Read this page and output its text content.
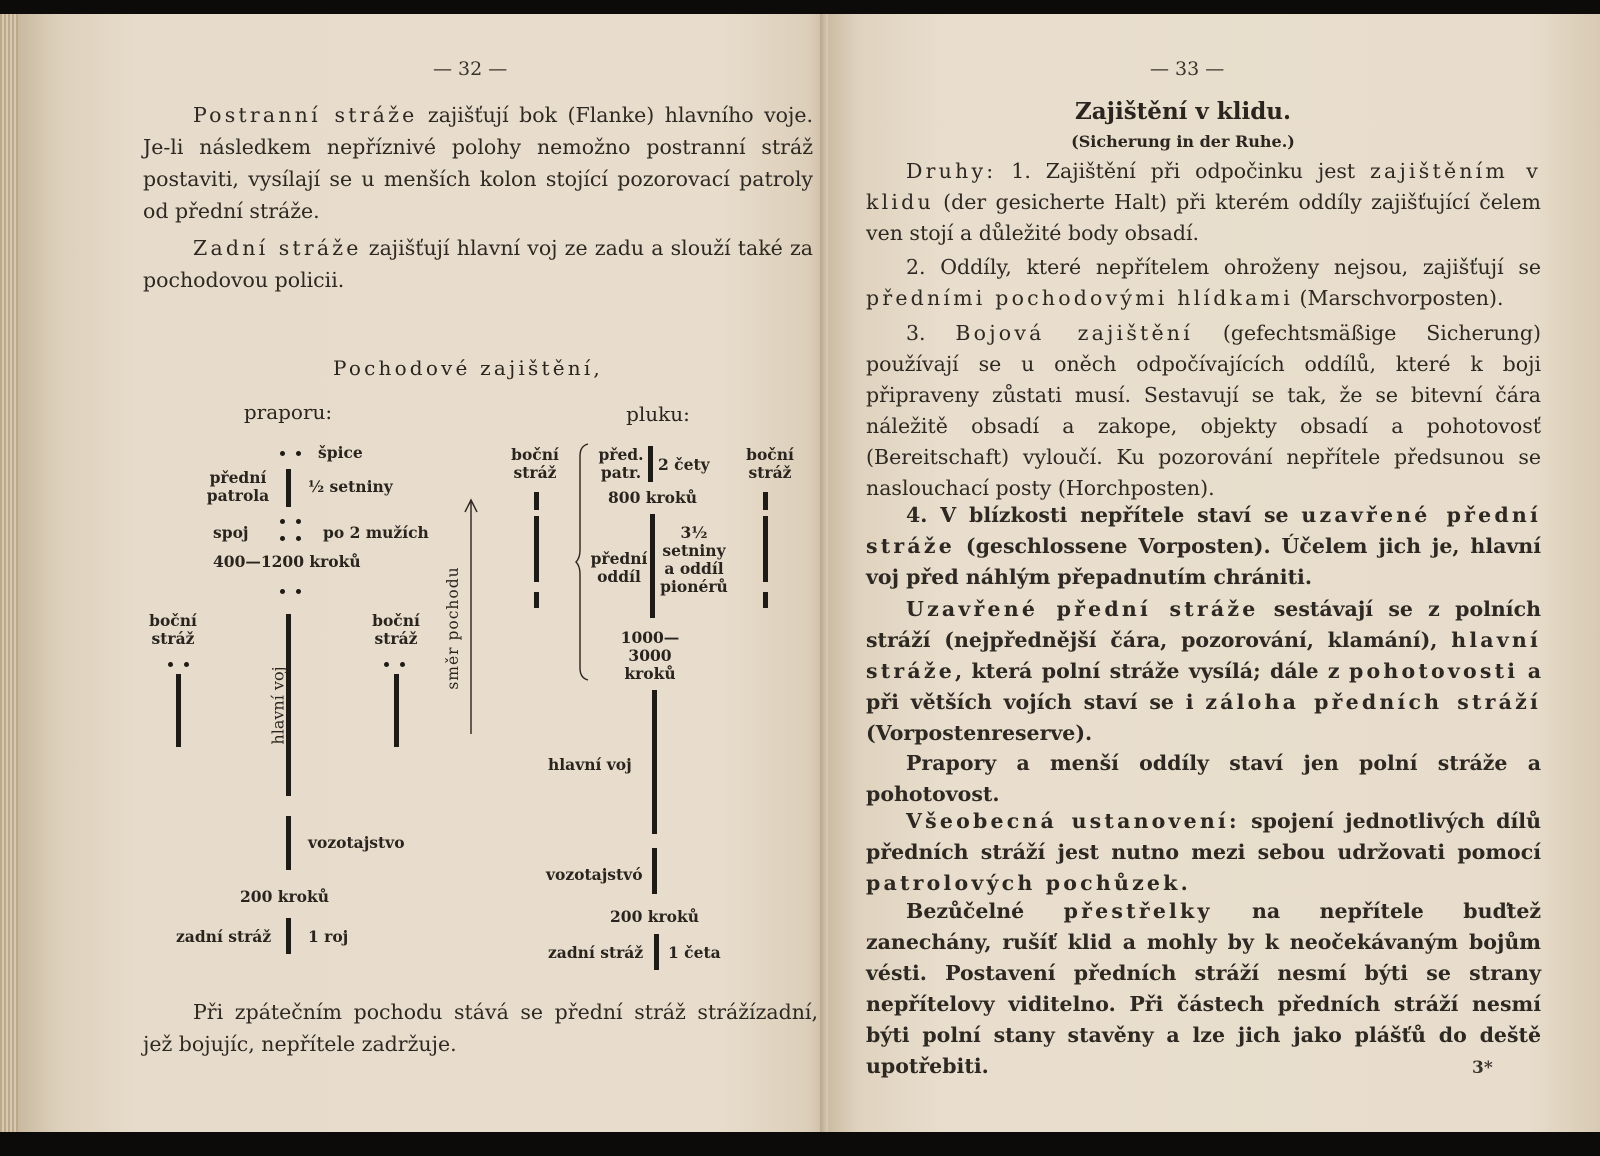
— 32 —
Postranní stráže zajišťují bok (Flanke) hlavního voje. Je-li následkem nepříznivé polohy nemožno postranní stráž postaviti, vysílají se u menších kolon stojící pozorovací patroly od přední stráže.
Zadní stráže zajišťují hlavní voj ze zadu a slouží také za pochodovou policii.
Pochodové zajištění,
praporu:	pluku:
špice
přední patrola	½ setniny
spoj	po 2 mužích
400—1200 kroků
boční stráž
hlavní voj
boční stráž
vozotajstvo
200 kroků
zadní stráž 1 roj
směr pochodu
boční stráž
před. patr.	2 čety
800 kroků
přední oddíl
3½ setniny a oddíl pionérů
1000—3000 kroků
boční stráž
hlavní voj
vozotajstvó
200 kroků
zadní stráž 1 četa
Při zpátečním pochodu stává se přední stráž strážízadní, jež bojujíc, nepřítele zadržuje.
— 33 —
Zajištění v klidu.
(Sicherung in der Ruhe.)
Druhy: 1. Zajištění při odpočinku jest zajištěním v klidu (der gesicherte Halt) při kterém oddíly zajišťující čelem ven stojí a důležité body obsadí.
2. Oddíly, které nepřítelem ohroženy nejsou, zajišťují se předními pochodovými hlídkami (Marschvorposten).
3. Bojová zajištění (gefechtsmäßige Sicherung) používají se u oněch odpočívajících oddílů, které k boji připraveny zůstati musí. Sestavují se tak, že se bitevní čára náležitě obsadí a zakope, objekty obsadí a pohotovosť (Bereitschaft) vyloučí. Ku pozorování nepřítele předsunou se naslouchací posty (Horchposten).
4. V blízkosti nepřítele staví se uzavřené přední stráže (geschlossene Vorposten). Účelem jich je, hlavní voj před náhlým přepadnutím chrániti.
Uzavřené přední stráže sestávají se z polních stráží (nejpřednější čára, pozorování, klamání), hlavní stráže, která polní stráže vysílá; dále z pohotovosti a při větších vojích staví se i záloha předních stráží (Vorpostenreserve).
Prapory a menší oddíly staví jen polní stráže a pohotovost.
Všeobecná ustanovení: spojení jednotlivých dílů předních stráží jest nutno mezi sebou udržovati pomocí patrolových pochůzek.
Bezůčelné přestřelky na nepřítele buďtež zanechány, rušíť klid a mohly by k neočekávaným bojům vésti. Postavení předních stráží nesmí býti se strany nepřítelovy viditelno. Při částech předních stráží nesmí býti polní stany stavěny a lze jich jako plášťů do deště upotřebiti.	3*
